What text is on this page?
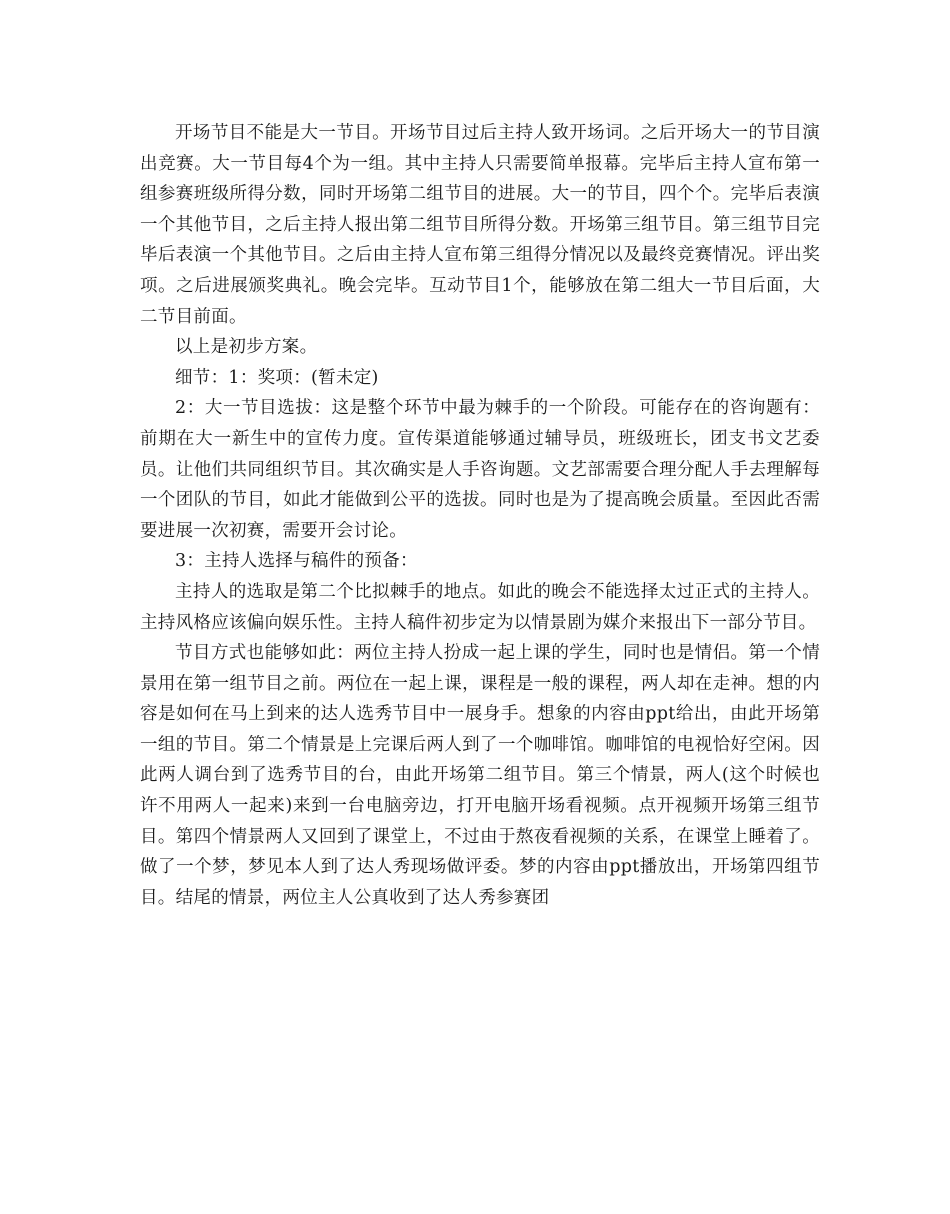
开场节目不能是大一节目。开场节目过后主持人致开场词。之后开场大一的节目演出竞赛。大一节目每4个为一组。其中主持人只需要简单报幕。完毕后主持人宣布第一组参赛班级所得分数，同时开场第二组节目的进展。大一的节目，四个个。完毕后表演一个其他节目，之后主持人报出第二组节目所得分数。开场第三组节目。第三组节目完毕后表演一个其他节目。之后由主持人宣布第三组得分情况以及最终竞赛情况。评出奖项。之后进展颁奖典礼。晚会完毕。互动节目1个，能够放在第二组大一节目后面，大二节目前面。

以上是初步方案。

细节：1：奖项：(暂未定)

2：大一节目选拔：这是整个环节中最为棘手的一个阶段。可能存在的咨询题有：前期在大一新生中的宣传力度。宣传渠道能够通过辅导员，班级班长，团支书文艺委员。让他们共同组织节目。其次确实是人手咨询题。文艺部需要合理分配人手去理解每一个团队的节目，如此才能做到公平的选拔。同时也是为了提高晚会质量。至因此否需要进展一次初赛，需要开会讨论。

3：主持人选择与稿件的预备：

主持人的选取是第二个比拟棘手的地点。如此的晚会不能选择太过正式的主持人。主持风格应该偏向娱乐性。主持人稿件初步定为以情景剧为媒介来报出下一部分节目。

节目方式也能够如此：两位主持人扮成一起上课的学生，同时也是情侣。第一个情景用在第一组节目之前。两位在一起上课，课程是一般的课程，两人却在走神。想的内容是如何在马上到来的达人选秀节目中一展身手。想象的内容由ppt给出，由此开场第一组的节目。第二个情景是上完课后两人到了一个咖啡馆。咖啡馆的电视恰好空闲。因此两人调台到了选秀节目的台，由此开场第二组节目。第三个情景，两人(这个时候也许不用两人一起来)来到一台电脑旁边，打开电脑开场看视频。点开视频开场第三组节目。第四个情景两人又回到了课堂上，不过由于熬夜看视频的关系，在课堂上睡着了。做了一个梦，梦见本人到了达人秀现场做评委。梦的内容由ppt播放出，开场第四组节目。结尾的情景，两位主人公真收到了达人秀参赛团
